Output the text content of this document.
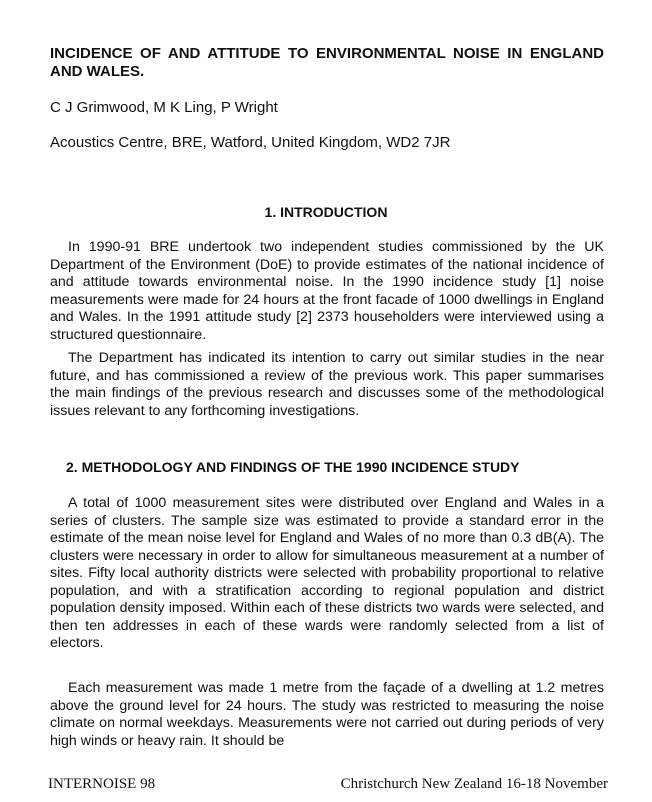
INCIDENCE OF AND ATTITUDE TO ENVIRONMENTAL NOISE IN ENGLAND AND WALES.

C J Grimwood, M K Ling, P Wright

Acoustics Centre, BRE, Watford, United Kingdom, WD2 7JR

1. INTRODUCTION

In 1990-91 BRE undertook two independent studies commissioned by the UK Department of the Environment (DoE) to provide estimates of the national incidence of and attitude towards environmental noise. In the 1990 incidence study [1] noise measurements were made for 24 hours at the front facade of 1000 dwellings in England and Wales. In the 1991 attitude study [2] 2373 householders were interviewed using a structured questionnaire.

The Department has indicated its intention to carry out similar studies in the near future, and has commissioned a review of the previous work. This paper summarises the main findings of the previous research and discusses some of the methodological issues relevant to any forthcoming investigations.

2. METHODOLOGY AND FINDINGS OF THE 1990 INCIDENCE STUDY

A total of 1000 measurement sites were distributed over England and Wales in a series of clusters. The sample size was estimated to provide a standard error in the estimate of the mean noise level for England and Wales of no more than 0.3 dB(A). The clusters were necessary in order to allow for simultaneous measurement at a number of sites. Fifty local authority districts were selected with probability proportional to relative population, and with a stratification according to regional population and district population density imposed. Within each of these districts two wards were selected, and then ten addresses in each of these wards were randomly selected from a list of electors.

Each measurement was made 1 metre from the façade of a dwelling at 1.2 metres above the ground level for 24 hours. The study was restricted to measuring the noise climate on normal weekdays. Measurements were not carried out during periods of very high winds or heavy rain. It should be

INTERNOISE 98	Christchurch New Zealand 16-18 November
